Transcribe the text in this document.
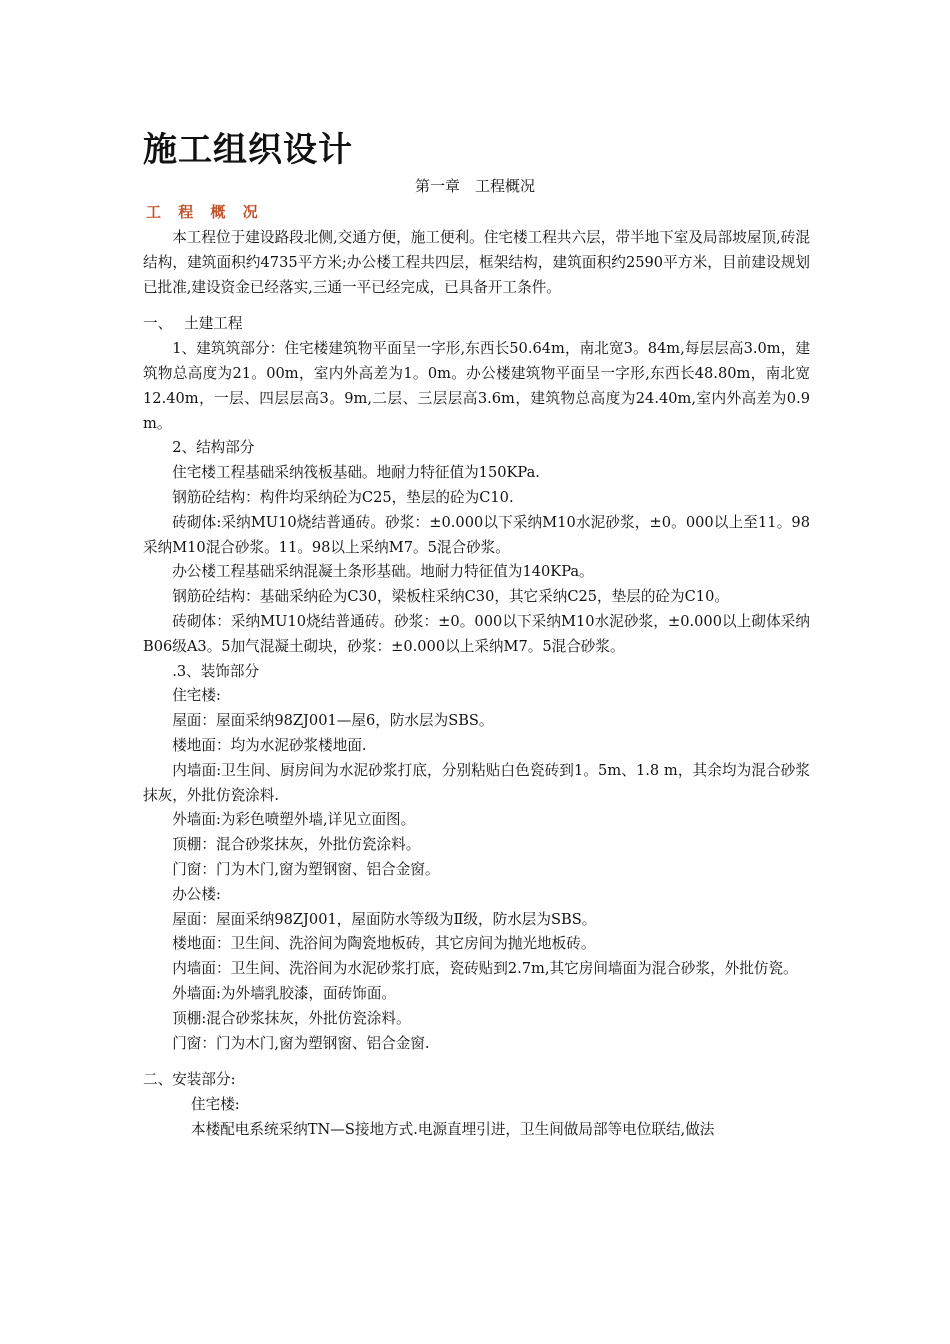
施工组织设计
第一章　工程概况
工 程 概 况

本工程位于建设路段北侧,交通方便，施工便利。住宅楼工程共六层，带半地下室及局部坡屋顶,砖混结构，建筑面积约4735平方米;办公楼工程共四层，框架结构，建筑面积约2590平方米，目前建设规划已批准,建设资金已经落实,三通一平已经完成，已具备开工条件。

一、　 土建工程

1、建筑筑部分：住宅楼建筑物平面呈一字形,东西长50.64m，南北宽3。84m,每层层高3.0m，建筑物总高度为21。00m，室内外高差为1。0m。办公楼建筑物平面呈一字形,东西长48.80m，南北宽12.40m，一层、四层层高3。9m,二层、三层层高3.6m，建筑物总高度为24.40m,室内外高差为0.9 m。

2、结构部分

住宅楼工程基础采纳筏板基础。地耐力特征值为150KPa.

钢筋砼结构：构件均采纳砼为C25，垫层的砼为C10.

砖砌体:采纳MU10烧结普通砖。砂浆：±0.000以下采纳M10水泥砂浆，±0。000以上至11。98采纳M10混合砂浆。11。98以上采纳M7。5混合砂浆。

办公楼工程基础采纳混凝土条形基础。地耐力特征值为140KPa。

钢筋砼结构：基础采纳砼为C30，梁板柱采纳C30，其它采纳C25，垫层的砼为C10。

砖砌体：采纳MU10烧结普通砖。砂浆：±0。000以下采纳M10水泥砂浆，±0.000以上砌体采纳B06级A3。5加气混凝土砌块，砂浆：±0.000以上采纳M7。5混合砂浆。

.3、装饰部分

住宅楼:

屋面：屋面采纳98ZJ001—屋6，防水层为SBS。

楼地面：均为水泥砂浆楼地面.

内墙面:卫生间、厨房间为水泥砂浆打底，分别粘贴白色瓷砖到1。5m、1.8 m，其余均为混合砂浆抹灰，外批仿瓷涂料.

外墙面:为彩色喷塑外墙,详见立面图。

顶棚：混合砂浆抹灰，外批仿瓷涂料。

门窗：门为木门,窗为塑钢窗、铝合金窗。

办公楼:

屋面：屋面采纳98ZJ001，屋面防水等级为Ⅱ级，防水层为SBS。

楼地面：卫生间、洗浴间为陶瓷地板砖，其它房间为抛光地板砖。

内墙面：卫生间、洗浴间为水泥砂浆打底，瓷砖贴到2.7m,其它房间墙面为混合砂浆，外批仿瓷。

外墙面:为外墙乳胶漆，面砖饰面。

顶棚:混合砂浆抹灰，外批仿瓷涂料。

门窗：门为木门,窗为塑钢窗、铝合金窗.

二、安装部分:

住宅楼:

本楼配电系统采纳TN—S接地方式.电源直埋引进，卫生间做局部等电位联结,做法
